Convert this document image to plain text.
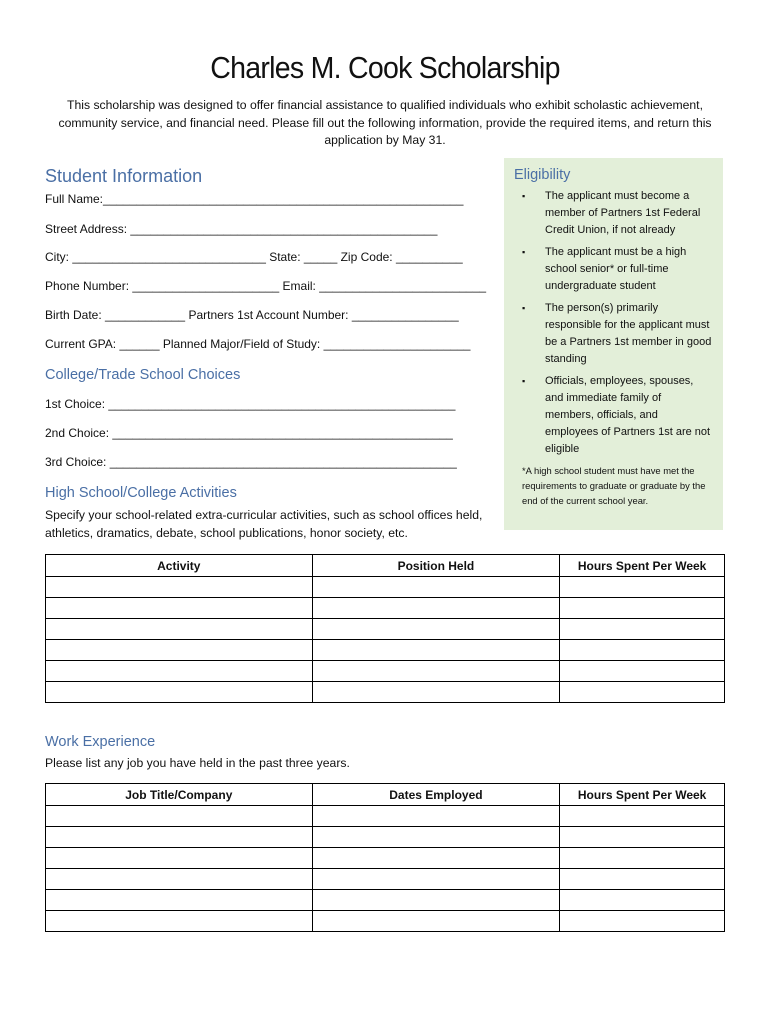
Charles M. Cook Scholarship
This scholarship was designed to offer financial assistance to qualified individuals who exhibit scholastic achievement, community service, and financial need. Please fill out the following information, provide the required items, and return this application by May 31.
Student Information
Full Name:______________________________________________________
Street Address: ______________________________________________
City: _____________________________ State: _____ Zip Code: __________
Phone Number: ______________________ Email: _________________________
Birth Date: ____________ Partners 1st Account Number: ________________
Current GPA: ______ Planned Major/Field of Study: ______________________
College/Trade School Choices
1st Choice: ____________________________________________________
2nd Choice: ___________________________________________________
3rd Choice: ____________________________________________________
High School/College Activities
Specify your school-related extra-curricular activities, such as school offices held, athletics, dramatics, debate, school publications, honor society, etc.
Eligibility
▪ The applicant must become a member of Partners 1st Federal Credit Union, if not already
▪ The applicant must be a high school senior* or full-time undergraduate student
▪ The person(s) primarily responsible for the applicant must be a Partners 1st member in good standing
▪ Officials, employees, spouses, and immediate family of members, officials, and employees of Partners 1st are not eligible
*A high school student must have met the requirements to graduate or graduate by the end of the current school year.
Activity	Position Held	Hours Spent Per Week

Work Experience
Please list any job you have held in the past three years.
Job Title/Company	Dates Employed	Hours Spent Per Week
